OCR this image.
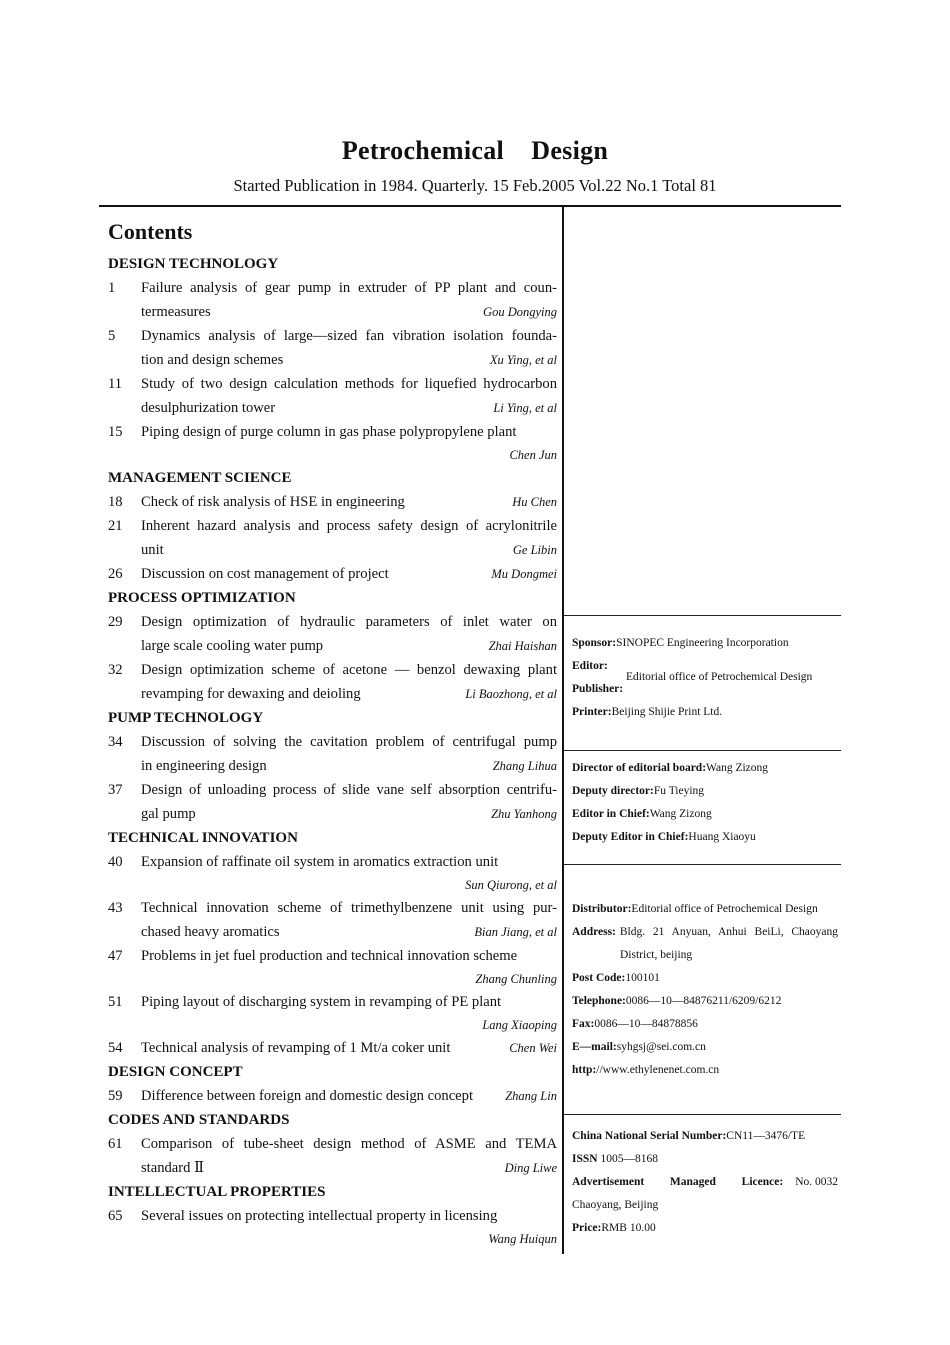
Petrochemical    Design
Started Publication in 1984. Quarterly. 15 Feb.2005 Vol.22 No.1 Total 81
Contents
DESIGN TECHNOLOGY
1	Failure analysis of gear pump in extruder of PP plant and coun-
termeasures	Gou Dongying
5	Dynamics analysis of large—sized fan vibration isolation founda-
tion and design schemes	Xu Ying, et al
11	Study of two design calculation methods for liquefied hydrocarbon
desulphurization tower	Li Ying, et al
15	Piping design of purge column in gas phase polypropylene plant
Chen Jun
MANAGEMENT SCIENCE
18	Check of risk analysis of HSE in engineering	Hu Chen
21	Inherent hazard analysis and process safety design of acrylonitrile
unit	Ge Libin
26	Discussion on cost management of project	Mu Dongmei
PROCESS OPTIMIZATION
29	Design optimization of hydraulic parameters of inlet water on
large scale cooling water pump	Zhai Haishan
32	Design optimization scheme of acetone — benzol dewaxing plant
revamping for dewaxing and deioling	Li Baozhong, et al
PUMP TECHNOLOGY
34	Discussion of solving the cavitation problem of centrifugal pump
in engineering design	Zhang Lihua
37	Design of unloading process of slide vane self absorption centrifu-
gal pump	Zhu Yanhong
TECHNICAL INNOVATION
40	Expansion of raffinate oil system in aromatics extraction unit
Sun Qiurong, et al
43	Technical innovation scheme of trimethylbenzene unit using pur-
chased heavy aromatics	Bian Jiang, et al
47	Problems in jet fuel production and technical innovation scheme
Zhang Chunling
51	Piping layout of discharging system in revamping of PE plant
Lang Xiaoping
54	Technical analysis of revamping of 1 Mt/a coker unit	Chen Wei
DESIGN CONCEPT
59	Difference between foreign and domestic design concept	Zhang Lin
CODES AND STANDARDS
61	Comparison of tube-sheet design method of ASME and TEMA
standard Ⅱ	Ding Liwe
INTELLECTUAL PROPERTIES
65	Several issues on protecting intellectual property in licensing
Wang Huiqun
Sponsor:SINOPEC Engineering Incorporation
Editor:
Publisher:
Editorial office of Petrochemical Design
Printer:Beijing Shijie Print Ltd.
Director of editorial board:Wang Zizong
Deputy director:Fu Tieying
Editor in Chief:Wang Zizong
Deputy Editor in Chief:Huang Xiaoyu
Distributor:Editorial office of Petrochemical Design
Address: Bldg. 21 Anyuan, Anhui BeiLi, Chaoyang
District, beijing
Post Code:100101
Telephone:0086—10—84876211/6209/6212
Fax:0086—10—84878856
E—mail:syhgsj@sei.com.cn
http://www.ethylenenet.com.cn
China National Serial Number:CN11—3476/TE
ISSN 1005—8168
Advertisement Managed Licence:	No. 0032
Chaoyang, Beijing
Price:RMB 10.00
